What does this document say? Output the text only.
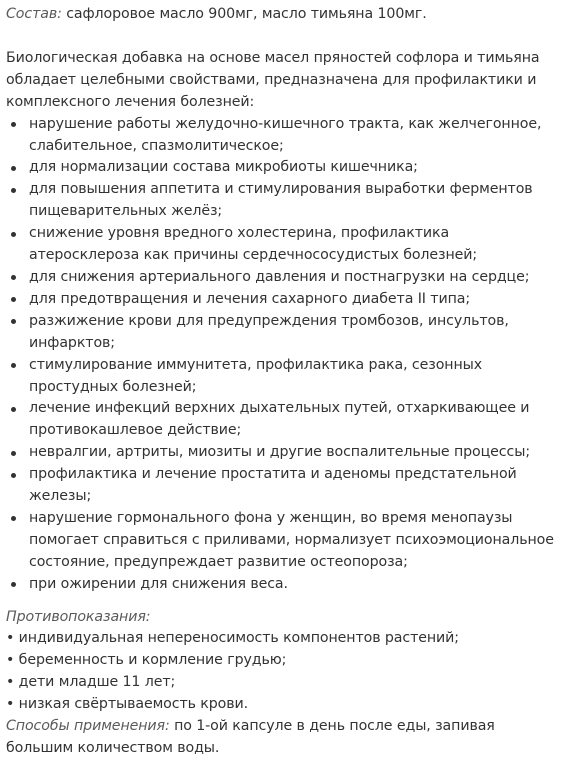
Состав: сафлоровое масло 900мг, масло тимьяна 100мг.

Биологическая добавка на основе масел пряностей софлора и тимьяна обладает целебными свойствами, предназначена для профилактики и комплексного лечения болезней:

нарушение работы желудочно-кишечного тракта, как желчегонное, слабительное, спазмолитическое;
для нормализации состава микробиоты кишечника;
для повышения аппетита и стимулирования выработки ферментов пищеварительных желёз;
снижение уровня вредного холестерина, профилактика атеросклероза как причины сердечнососудистых болезней;
для снижения артериального давления и постнагрузки на сердце;
для предотвращения и лечения сахарного диабета II типа;
разжижение крови для предупреждения тромбозов, инсультов, инфарктов;
стимулирование иммунитета, профилактика рака, сезонных простудных болезней;
лечение инфекций верхних дыхательных путей, отхаркивающее и противокашлевое действие;
невралгии, артриты, миозиты и другие воспалительные процессы;
профилактика и лечение простатита и аденомы предстательной железы;
нарушение гормонального фона у женщин, во время менопаузы помогает справиться с приливами, нормализует психоэмоциональное состояние, предупреждает развитие остеопороза;
при ожирении для снижения веса.

Противопоказания:

• индивидуальная непереносимость компонентов растений;
• беременность и кормление грудью;
• дети младше 11 лет;
• низкая свёртываемость крови.

Способы применения: по 1-ой капсуле в день после еды, запивая большим количеством воды.
